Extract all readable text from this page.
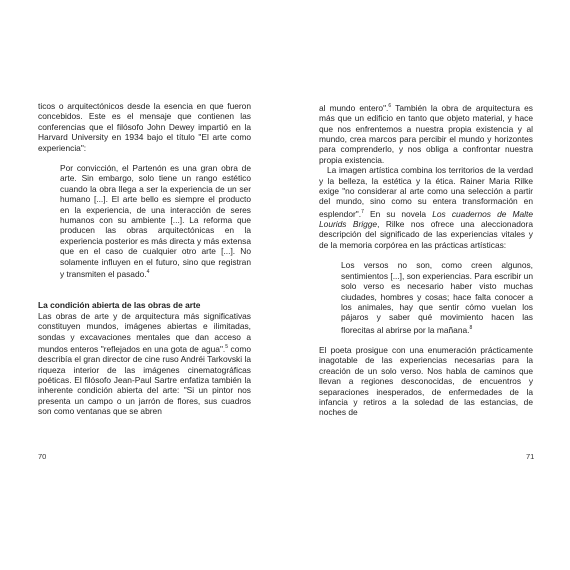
ticos o arquitectónicos desde la esencia en que fueron concebidos. Este es el mensaje que contienen las conferencias que el filósofo John Dewey impartió en la Harvard University en 1934 bajo el título "El arte como experiencia":

Por convicción, el Partenón es una gran obra de arte. Sin embargo, solo tiene un rango estético cuando la obra llega a ser la experiencia de un ser humano [...]. El arte bello es siempre el producto en la experiencia, de una interacción de seres humanos con su ambiente [...]. La reforma que producen las obras arquitectónicas en la experiencia posterior es más directa y más extensa que en el caso de cualquier otro arte [...]. No solamente influyen en el futuro, sino que registran y transmiten el pasado.$^4$

La condición abierta de las obras de arte

Las obras de arte y de arquitectura más significativas constituyen mundos, imágenes abiertas e ilimitadas, sondas y excavaciones mentales que dan acceso a mundos enteros "reflejados en una gota de agua".$^5$ como describía el gran director de cine ruso Andréi Tarkovski la riqueza interior de las imágenes cinematográficas poéticas. El filósofo Jean-Paul Sartre enfatiza también la inherente condición abierta del arte: "Si un pintor nos presenta un campo o un jarrón de flores, sus cuadros son como ventanas que se abren

70

al mundo entero".$^6$ También la obra de arquitectura es más que un edificio en tanto que objeto material, y hace que nos enfrentemos a nuestra propia existencia y al mundo, crea marcos para percibir el mundo y horizontes para comprenderlo, y nos obliga a confrontar nuestra propia existencia.

La imagen artística combina los territorios de la verdad y la belleza, la estética y la ética. Rainer Maria Rilke exige "no considerar al arte como una selección a partir del mundo, sino como su entera transformación en esplendor".$^7$ En su novela Los cuadernos de Malte Lourids Brigge, Rilke nos ofrece una aleccionadora descripción del significado de las experiencias vitales y de la memoria corpórea en las prácticas artísticas:

Los versos no son, como creen algunos, sentimientos [...], son experiencias. Para escribir un solo verso es necesario haber visto muchas ciudades, hombres y cosas; hace falta conocer a los animales, hay que sentir cómo vuelan los pájaros y saber qué movimiento hacen las florecitas al abrirse por la mañana.$^8$

El poeta prosigue con una enumeración prácticamente inagotable de las experiencias necesarias para la creación de un solo verso. Nos habla de caminos que llevan a regiones desconocidas, de encuentros y separaciones inesperados, de enfermedades de la infancia y retiros a la soledad de las estancias, de noches de

71
